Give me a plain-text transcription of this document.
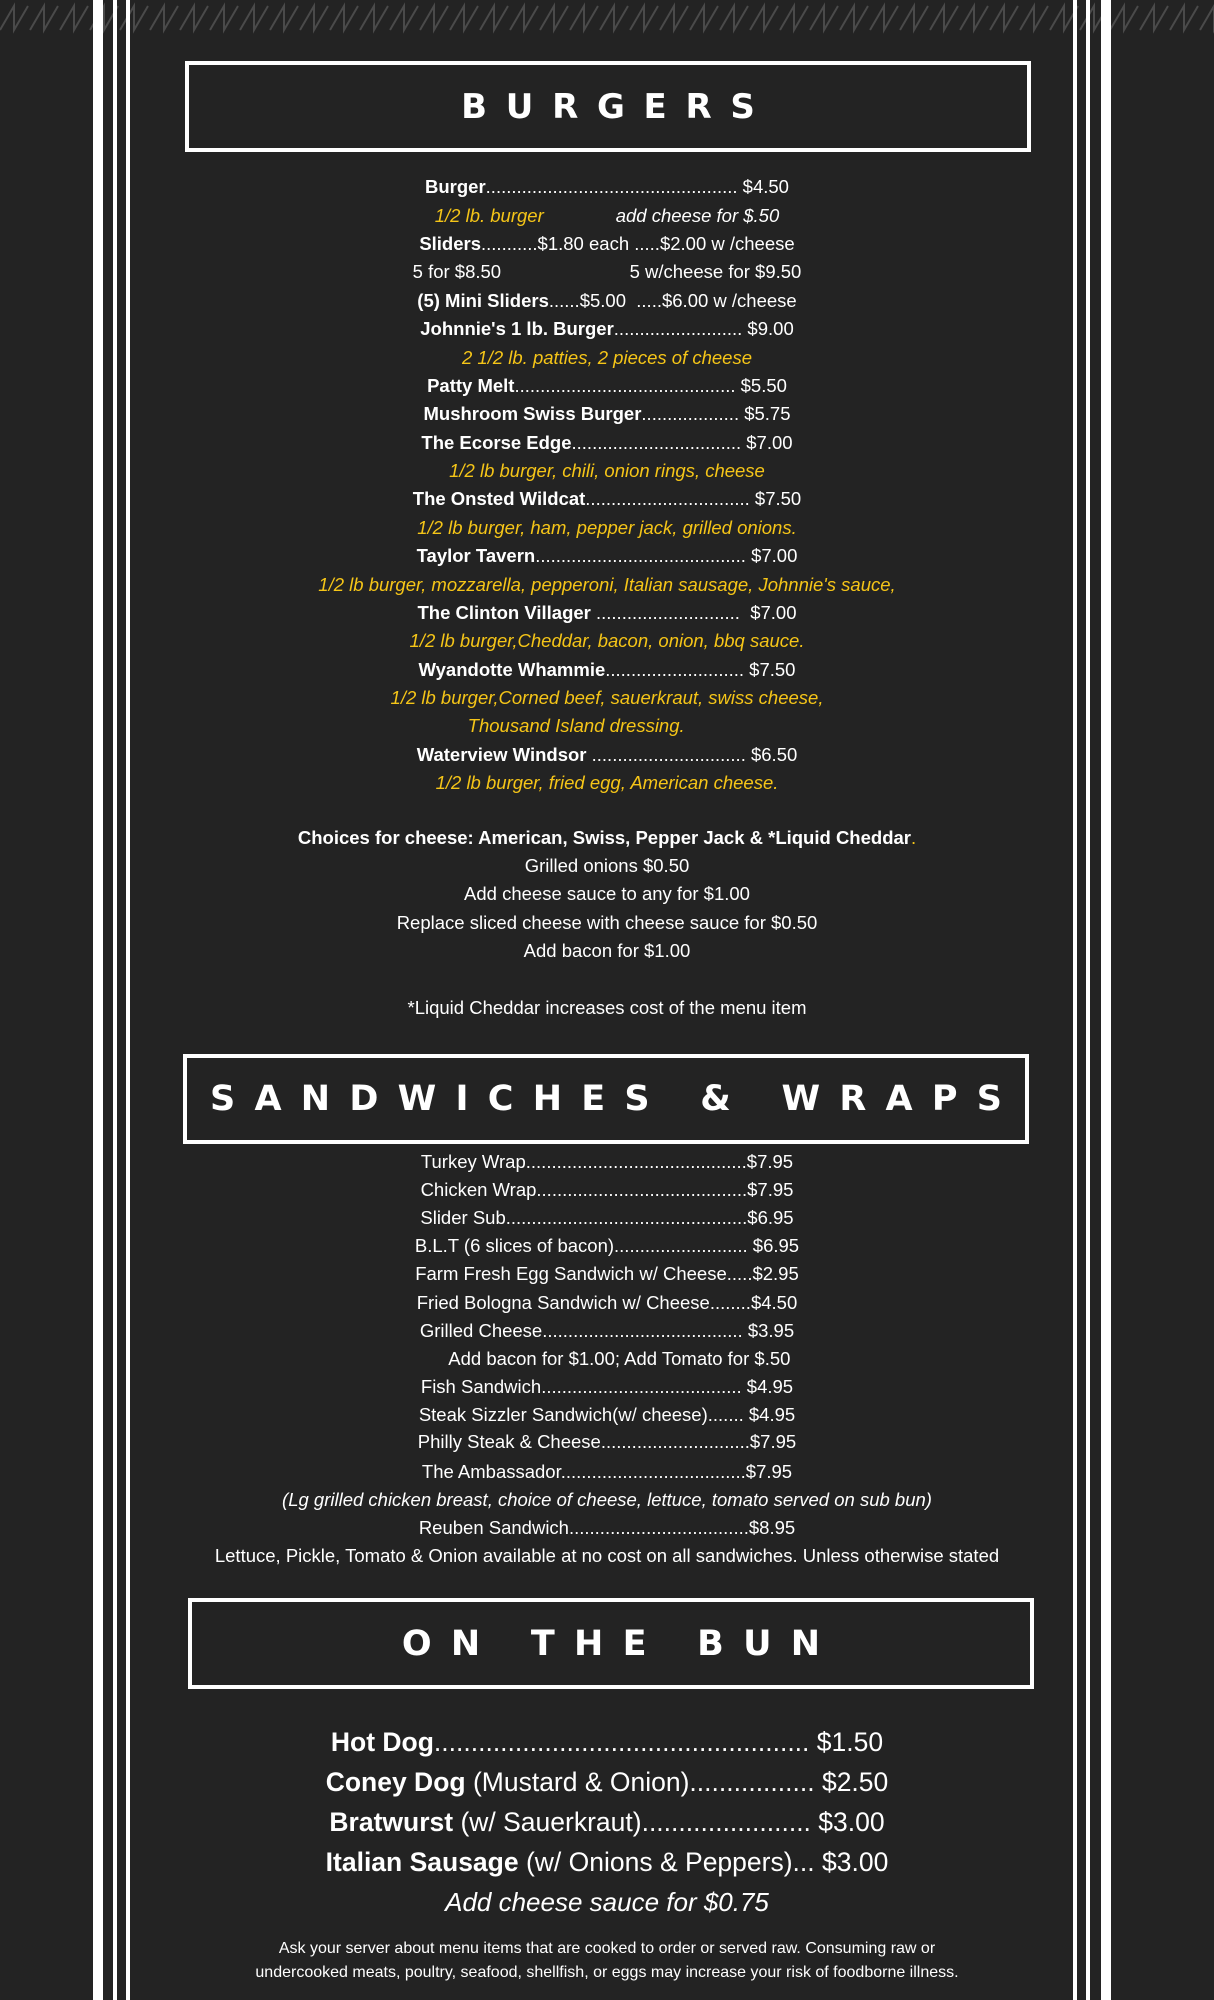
BURGERS
SANDWICHES & WRAPS
ON THE BUN
Burger................................................. $4.50
1/2 lb. burger              add cheese for $.50
Sliders...........$1.80 each .....$2.00 w /cheese
5 for $8.50                         5 w/cheese for $9.50
(5) Mini Sliders......$5.00  .....$6.00 w /cheese
Johnnie's 1 lb. Burger......................... $9.00
2 1/2 lb. patties, 2 pieces of cheese
Patty Melt........................................... $5.50
Mushroom Swiss Burger................... $5.75
The Ecorse Edge................................. $7.00
1/2 lb burger, chili, onion rings, cheese
The Onsted Wildcat................................ $7.50
1/2 lb burger, ham, pepper jack, grilled onions.
Taylor Tavern......................................... $7.00
1/2 lb burger, mozzarella, pepperoni, Italian sausage, Johnnie's sauce,
The Clinton Villager ............................  $7.00
1/2 lb burger,Cheddar, bacon, onion, bbq sauce.
Wyandotte Whammie........................... $7.50
1/2 lb burger,Corned beef, sauerkraut, swiss cheese,
Thousand Island dressing.
Waterview Windsor .............................. $6.50
1/2 lb burger, fried egg, American cheese.
Choices for cheese: American, Swiss, Pepper Jack & *Liquid Cheddar.
Grilled onions $0.50
Add cheese sauce to any for $1.00
Replace sliced cheese with cheese sauce for $0.50
Add bacon for $1.00
*Liquid Cheddar increases cost of the menu item
Turkey Wrap...........................................$7.95
Chicken Wrap.........................................$7.95
Slider Sub...............................................$6.95
B.L.T (6 slices of bacon).......................... $6.95
Farm Fresh Egg Sandwich w/ Cheese.....$2.95
Fried Bologna Sandwich w/ Cheese........$4.50
Grilled Cheese....................................... $3.95
Add bacon for $1.00; Add Tomato for $.50
Fish Sandwich....................................... $4.95
Steak Sizzler Sandwich(w/ cheese)....... $4.95
Philly Steak & Cheese.............................$7.95
The Ambassador....................................$7.95
(Lg grilled chicken breast, choice of cheese, lettuce, tomato served on sub bun)
Reuben Sandwich...................................$8.95
Lettuce, Pickle, Tomato & Onion available at no cost on all sandwiches. Unless otherwise stated
Hot Dog................................................... $1.50
Coney Dog (Mustard & Onion)................. $2.50
Bratwurst (w/ Sauerkraut)....................... $3.00
Italian Sausage (w/ Onions & Peppers)... $3.00
Add cheese sauce for $0.75
Ask your server about menu items that are cooked to order or served raw. Consuming raw or
undercooked meats, poultry, seafood, shellfish, or eggs may increase your risk of foodborne illness.
